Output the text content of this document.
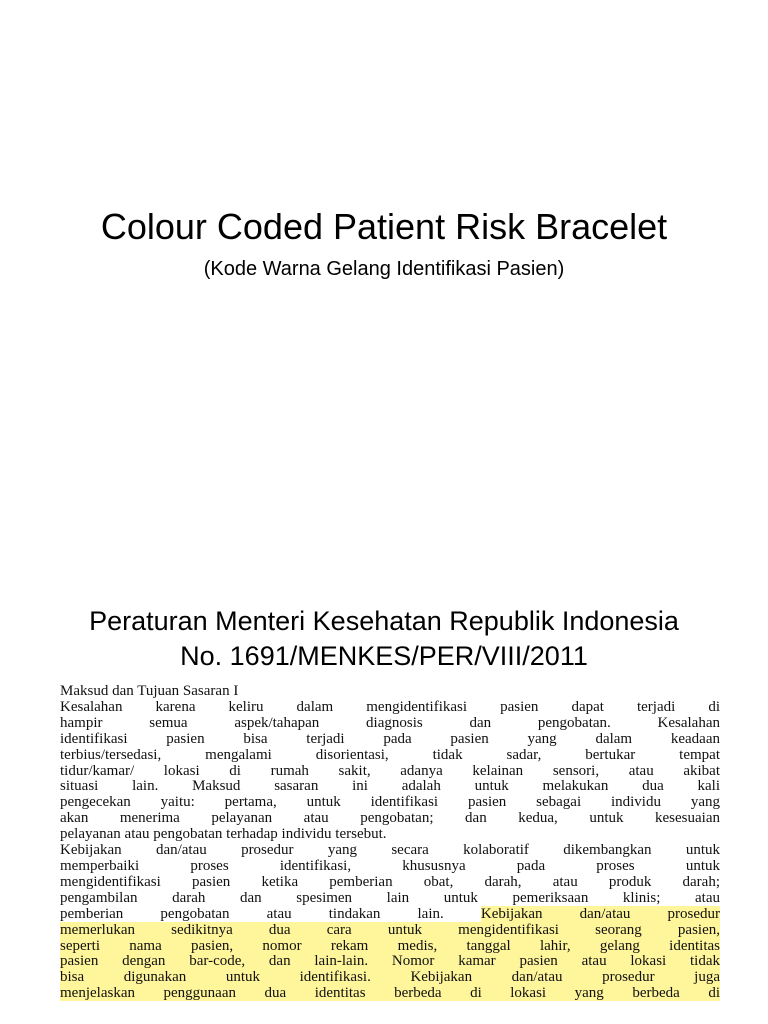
Colour Coded Patient Risk Bracelet

(Kode Warna Gelang Identifikasi Pasien)

Peraturan Menteri Kesehatan Republik Indonesia
No. 1691/MENKES/PER/VIII/2011
Maksud dan Tujuan Sasaran I
Kesalahan karena keliru dalam mengidentifikasi pasien dapat terjadi di
hampir semua aspek/tahapan diagnosis dan pengobatan. Kesalahan
identifikasi pasien bisa terjadi pada pasien yang dalam keadaan
terbius/tersedasi, mengalami disorientasi, tidak sadar, bertukar tempat
tidur/kamar/ lokasi di rumah sakit, adanya kelainan sensori, atau akibat
situasi lain. Maksud sasaran ini adalah untuk melakukan dua kali
pengecekan yaitu: pertama, untuk identifikasi pasien sebagai individu yang
akan menerima pelayanan atau pengobatan; dan kedua, untuk kesesuaian
pelayanan atau pengobatan terhadap individu tersebut.
Kebijakan dan/atau prosedur yang secara kolaboratif dikembangkan untuk
memperbaiki proses identifikasi, khususnya pada proses untuk
mengidentifikasi pasien ketika pemberian obat, darah, atau produk darah;
pengambilan darah dan spesimen lain untuk pemeriksaan klinis; atau
pemberian pengobatan atau tindakan lain. Kebijakan dan/atau prosedur
memerlukan sedikitnya dua cara untuk mengidentifikasi seorang pasien,
seperti nama pasien, nomor rekam medis, tanggal lahir, gelang identitas
pasien dengan bar-code, dan lain-lain. Nomor kamar pasien atau lokasi tidak
bisa digunakan untuk identifikasi. Kebijakan dan/atau prosedur juga
menjelaskan penggunaan dua identitas berbeda di lokasi yang berbeda di
